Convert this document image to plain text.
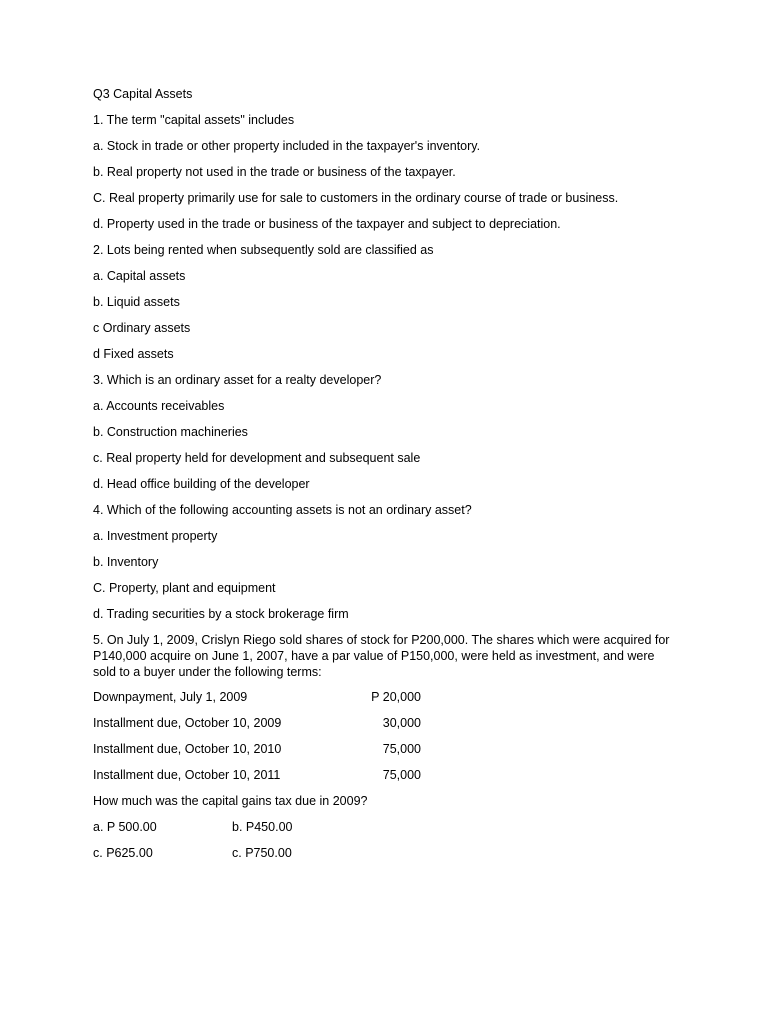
Q3 Capital Assets
1. The term "capital assets" includes
a. Stock in trade or other property included in the taxpayer's inventory.
b. Real property not used in the trade or business of the taxpayer.
C. Real property primarily use for sale to customers in the ordinary course of trade or business.
d. Property used in the trade or business of the taxpayer and subject to depreciation.
2. Lots being rented when subsequently sold are classified as
a. Capital assets
b. Liquid assets
c Ordinary assets
d Fixed assets
3. Which is an ordinary asset for a realty developer?
a. Accounts receivables
b. Construction machineries
c. Real property held for development and subsequent sale
d. Head office building of the developer
4. Which of the following accounting assets is not an ordinary asset?
a. Investment property
b. Inventory
C. Property, plant and equipment
d. Trading securities by a stock brokerage firm
5. On July 1, 2009, Crislyn Riego sold shares of stock for P200,000. The shares which were acquired for P140,000 acquire on June 1, 2007, have a par value of P150,000, were held as investment, and were sold to a buyer under the following terms:
Downpayment, July 1, 2009	P 20,000
Installment due, October 10, 2009	30,000
Installment due, October 10, 2010	75,000
Installment due, October 10, 2011	75,000
How much was the capital gains tax due in 2009?
a. P 500.00	b. P450.00
c. P625.00	c. P750.00
